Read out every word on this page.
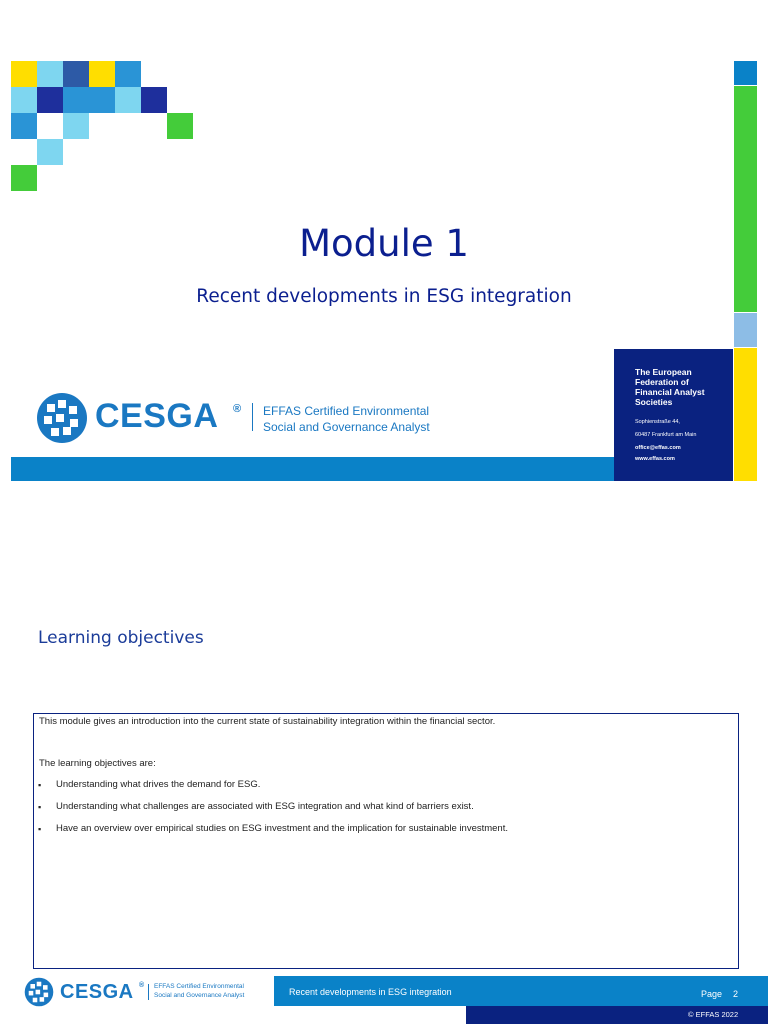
Module 1
Recent developments in ESG integration
CESGA ® EFFAS Certified Environmental
Social and Governance Analyst
The European
Federation of
Financial Analyst
Societies
Sophienstraße 44,
60487 Frankfurt am Main
office@effas.com
www.effas.com
Learning objectives
This module gives an introduction into the current state of sustainability integration within the financial sector.
The learning objectives are:
▪ Understanding what drives the demand for ESG.
▪ Understanding what challenges are associated with ESG integration and what kind of barriers exist.
▪ Have an overview over empirical studies on ESG investment and the implication for sustainable investment.
CESGA ® EFFAS Certified Environmental
Social and Governance Analyst	Recent developments in ESG integration	Page 2
© EFFAS 2022
